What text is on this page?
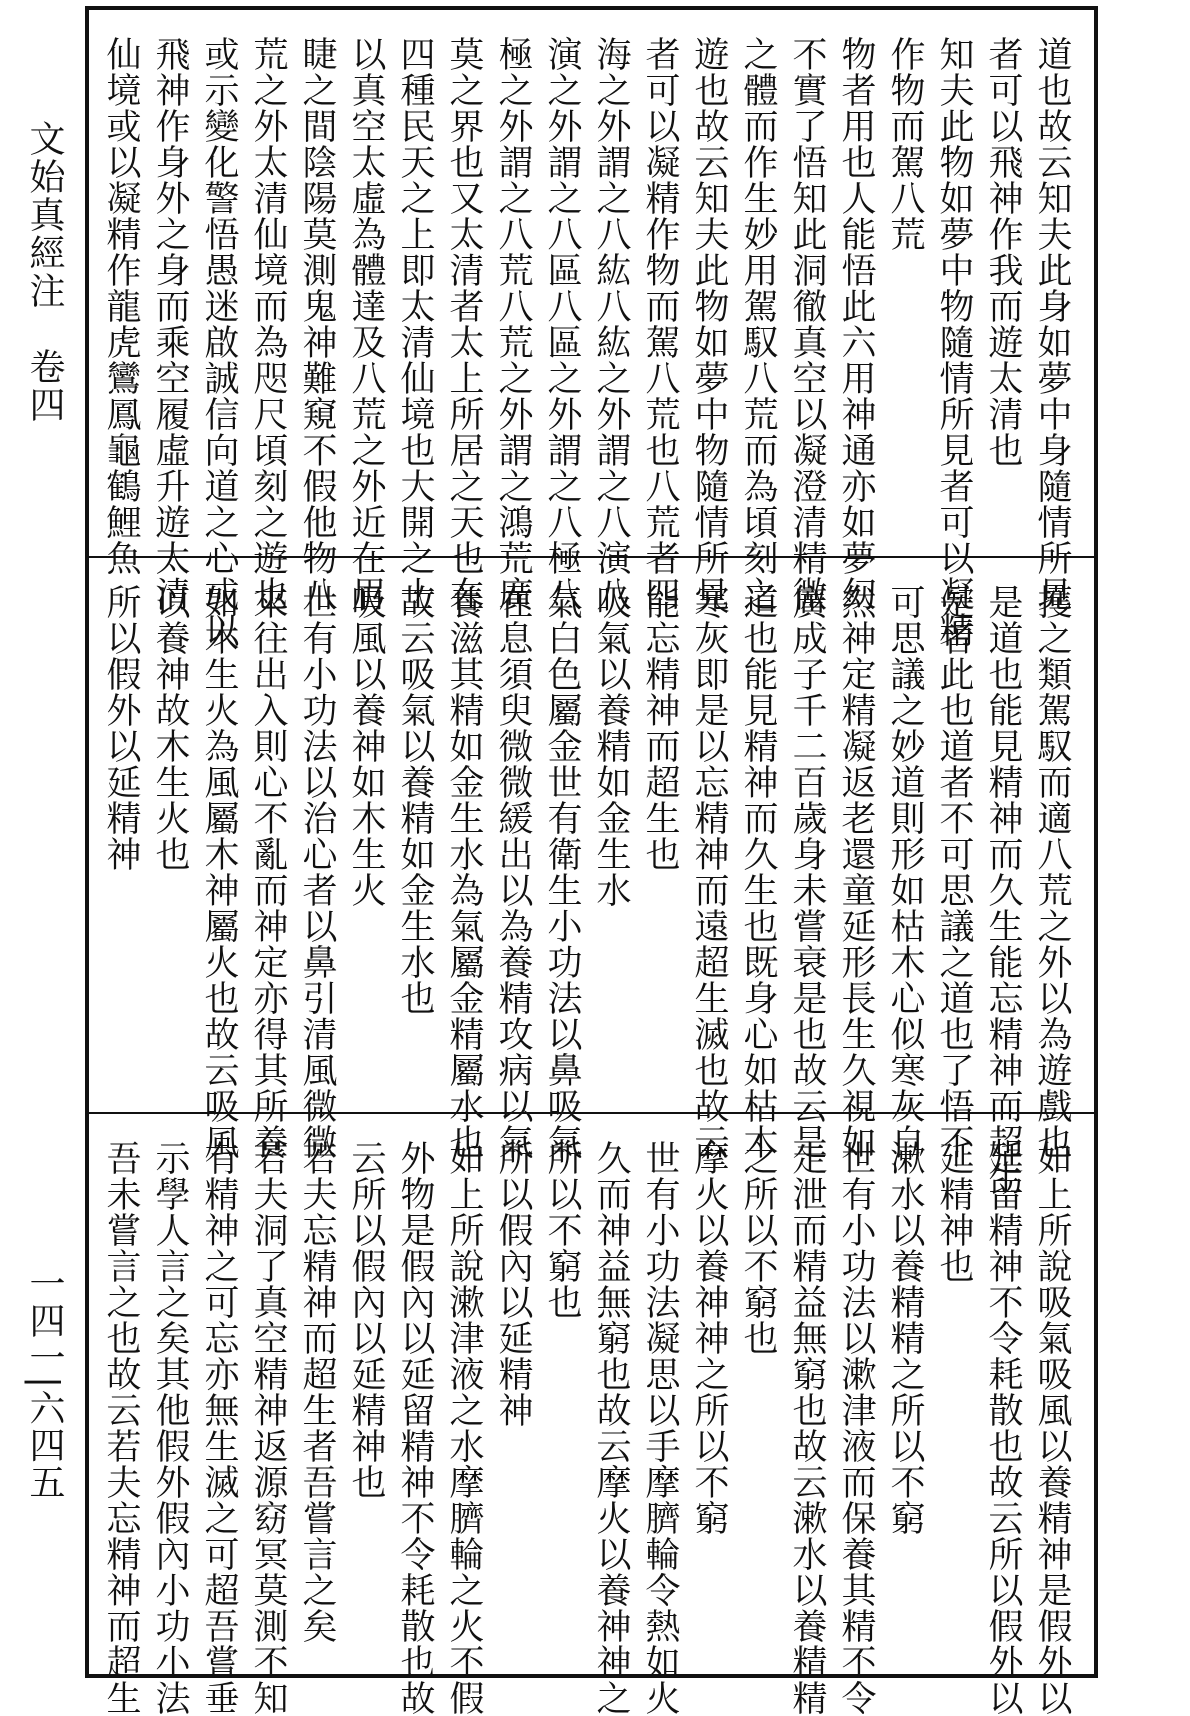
文始真經注　卷四
一四一|六四五
道也故云知夫此身如夢中身隨情所見
者可以飛神作我而遊太清也
知夫此物如夢中物隨情所見者可以凝精
作物而駕八荒
物者用也人能悟此六用神通亦如夢幻
不實了悟知此洞徹真空以凝澄清精微
之體而作生妙用駕馭八荒而為頃刻之
遊也故云知夫此物如夢中物隨情所見
者可以凝精作物而駕八荒也八荒者四
海之外謂之八紘八紘之外謂之八演八
演之外謂之八區八區之外謂之八極八
極之外謂之八荒八荒之外謂之鴻荒廣
莫之界也又太清者太上所居之天也在
四種民天之上即太清仙境也大開之士
以真空太虛為體達及八荒之外近在眉
睫之間陰陽莫測鬼神難窺不假他物八
荒之外太清仙境而為咫尺頃刻之遊也
或示變化警悟愚迷啟誠信向道之心或以
飛神作身外之身而乘空履虛升遊太清
仙境或以凝精作龍虎鸞鳳龜鶴鯉魚
擭之類駕馭而適八荒之外以為遊戲也
是道也能見精神而久生能忘精神而超生
是者此也道者不可思議之道也了悟不
可思議之妙道則形如枯木心似寒灰自
然神定精凝返老還童延形長生久視如
廣成子千二百歲身未嘗衰是也故云是
道也能見精神而久生也既身心如枯木
寒灰即是以忘精神而遠超生滅也故云
能忘精神而超生也
吸氣以養精如金生水
氣白色屬金世有衛生小功法以鼻吸氣
在息須臾微微緩出以為養精攻病以氣
養滋其精如金生水為氣屬金精屬水也
故云吸氣以養精如金生水也
吸風以養神如木生火
世有小功法以治心者以鼻引清風微微
來往出入則心不亂而神定亦得其所養
如木生火為風屬木神屬火也故云吸風
以養神故木生火也
所以假外以延精神
如上所說吸氣吸風以養精神是假外以
延留精神不令耗散也故云所以假外以
延精神也
漱水以養精精之所以不窮
世有小功法以漱津液而保養其精不令
走泄而精益無窮也故云漱水以養精精
之所以不窮也
摩火以養神神之所以不窮
世有小功法凝思以手摩臍輪令熱如火
久而神益無窮也故云摩火以養神神之
所以不窮也
所以假內以延精神
如上所說漱津液之水摩臍輪之火不假
外物是假內以延留精神不令耗散也故
云所以假內以延精神也
若夫忘精神而超生者吾嘗言之矣
若夫洞了真空精神返源窈冥莫測不知
有精神之可忘亦無生滅之可超吾嘗垂
示學人言之矣其他假外假內小功小法
吾未嘗言之也故云若夫忘精神而超生
